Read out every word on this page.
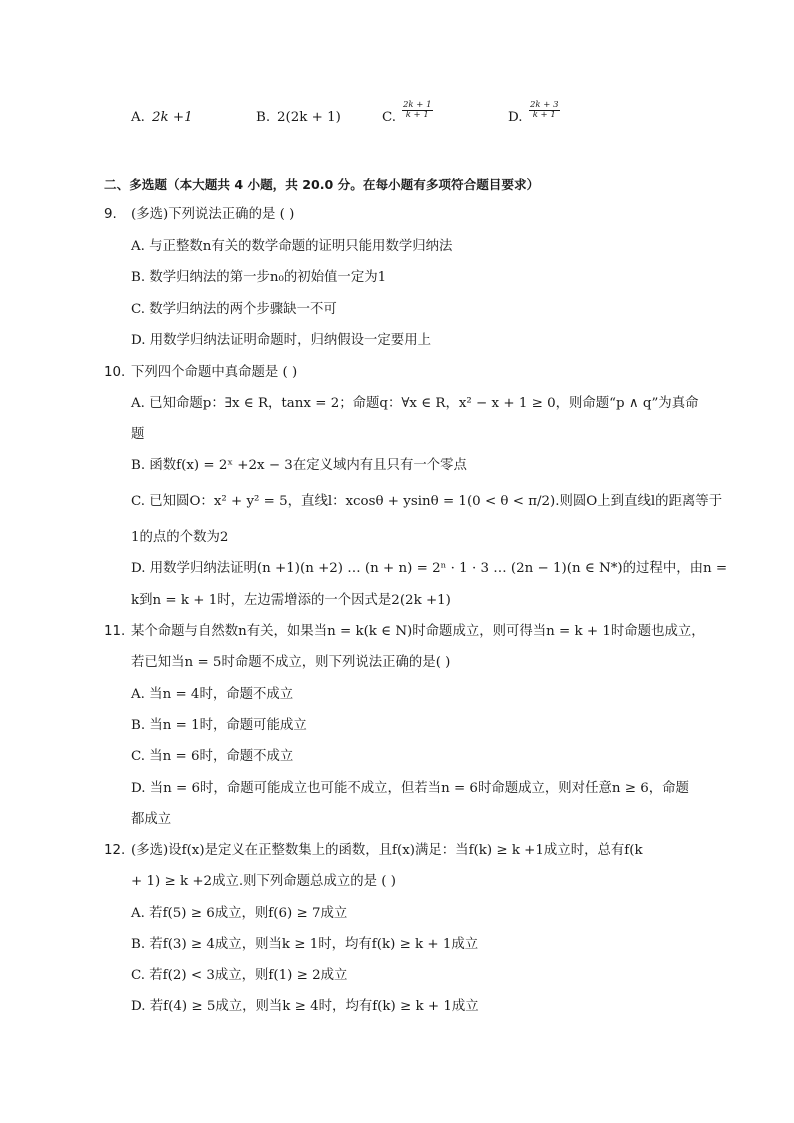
A. 2k +1	B. 2(2k + 1)	C. $\frac{2k + 1}{k + 1}$	D. $\frac{2k + 3}{k + 1}$
二、多选题（本大题共 4 小题，共 20.0 分。在每小题有多项符合题目要求）
9. (多选)下列说法正确的是 ( )
A. 与正整数n有关的数学命题的证明只能用数学归纳法
B. 数学归纳法的第一步n₀的初始值一定为1
C. 数学归纳法的两个步骤缺一不可
D. 用数学归纳法证明命题时，归纳假设一定要用上
10. 下列四个命题中真命题是 ( )
A. 已知命题p：∃x ∈ R，tanx = 2；命题q：∀x ∈ R，x² − x + 1 ≥ 0，则命题“p ∧ q”为真命
题
B. 函数f(x) = 2ˣ +2x − 3在定义域内有且只有一个零点
C. 已知圆O：x² + y² = 5，直线l：xcosθ + ysinθ = 1(0 < θ < π/2).则圆O上到直线l的距离等于
1的点的个数为2
D. 用数学归纳法证明(n +1)(n +2) … (n + n) = 2ⁿ · 1 · 3 … (2n − 1)(n ∈ N*)的过程中，由n =
k到n = k + 1时，左边需增添的一个因式是2(2k +1)
11. 某个命题与自然数n有关，如果当n = k(k ∈ N)时命题成立，则可得当n = k + 1时命题也成立，
若已知当n = 5时命题不成立，则下列说法正确的是( )
A. 当n = 4时，命题不成立
B. 当n = 1时，命题可能成立
C. 当n = 6时，命题不成立
D. 当n = 6时，命题可能成立也可能不成立，但若当n = 6时命题成立，则对任意n ≥ 6，命题
都成立
12. (多选)设f(x)是定义在正整数集上的函数，且f(x)满足：当f(k) ≥ k +1成立时，总有f(k
+ 1) ≥ k +2成立.则下列命题总成立的是 ( )
A. 若f(5) ≥ 6成立，则f(6) ≥ 7成立
B. 若f(3) ≥ 4成立，则当k ≥ 1时，均有f(k) ≥ k + 1成立
C. 若f(2) < 3成立，则f(1) ≥ 2成立
D. 若f(4) ≥ 5成立，则当k ≥ 4时，均有f(k) ≥ k + 1成立
